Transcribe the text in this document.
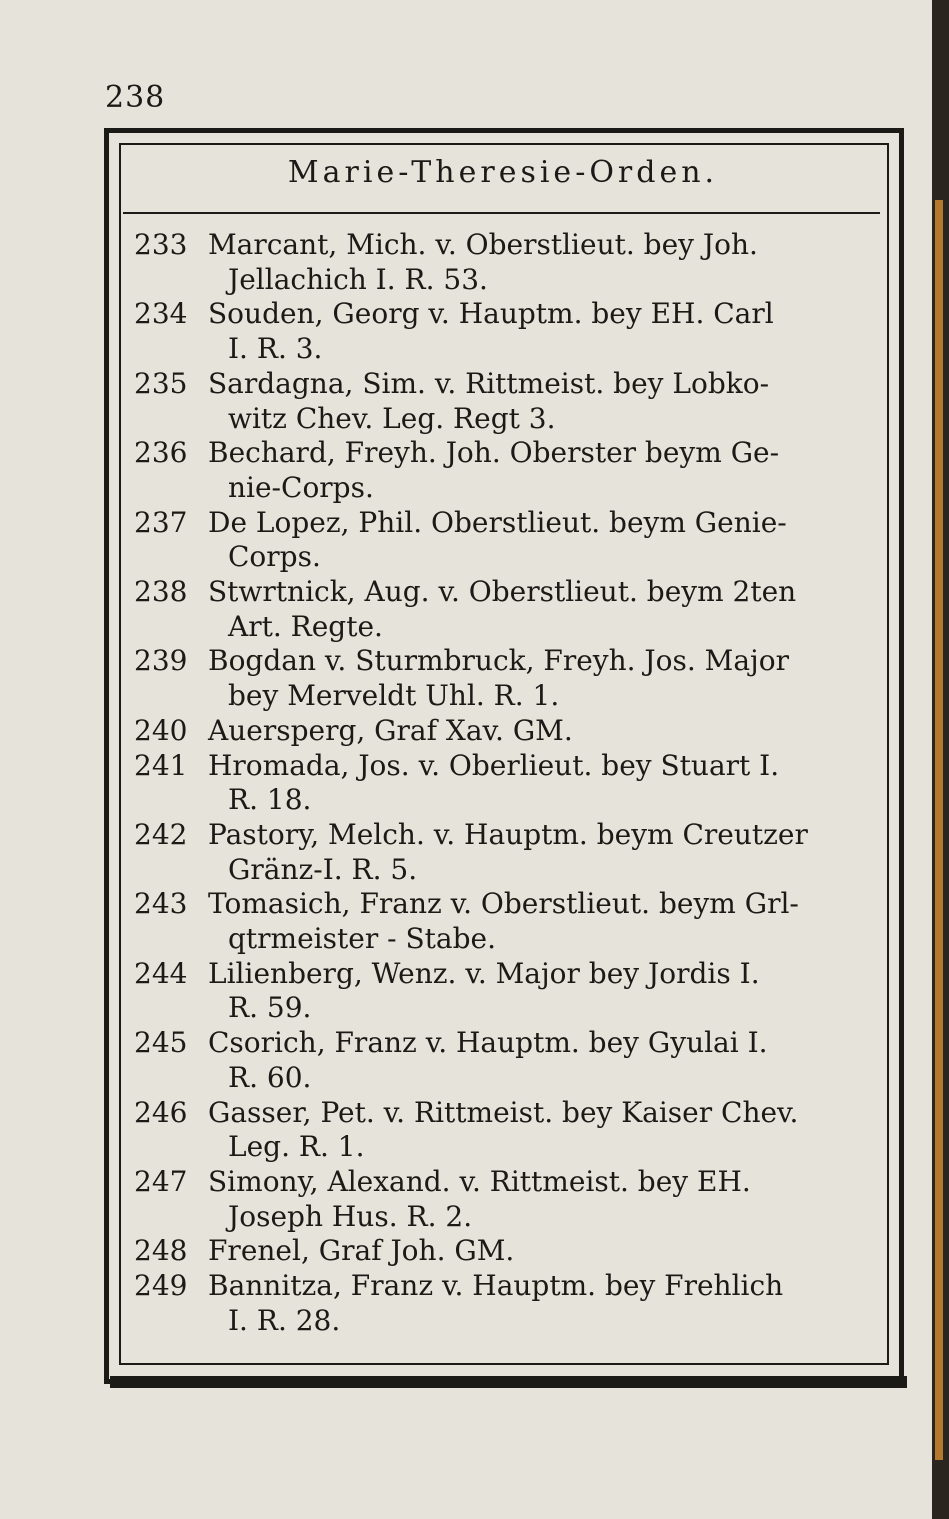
238
Marie-Theresie-Orden.
233 Marcant, Mich. v. Oberstlieut. bey Joh.
Jellachich I. R. 53.
234 Souden, Georg v. Hauptm. bey EH. Carl
I. R. 3.
235 Sardagna, Sim. v. Rittmeist. bey Lobko-
witz Chev. Leg. Regt 3.
236 Bechard, Freyh. Joh. Oberster beym Ge-
nie-Corps.
237 De Lopez, Phil. Oberstlieut. beym Genie-
Corps.
238 Stwrtnick, Aug. v. Oberstlieut. beym 2ten
Art. Regte.
239 Bogdan v. Sturmbruck, Freyh. Jos. Major
bey Merveldt Uhl. R. 1.
240 Auersperg, Graf Xav. GM.
241 Hromada, Jos. v. Oberlieut. bey Stuart I.
R. 18.
242 Pastory, Melch. v. Hauptm. beym Creutzer
Gränz-I. R. 5.
243 Tomasich, Franz v. Oberstlieut. beym Grl-
qtrmeister - Stabe.
244 Lilienberg, Wenz. v. Major bey Jordis I.
R. 59.
245 Csorich, Franz v. Hauptm. bey Gyulai I.
R. 60.
246 Gasser, Pet. v. Rittmeist. bey Kaiser Chev.
Leg. R. 1.
247 Simony, Alexand. v. Rittmeist. bey EH.
Joseph Hus. R. 2.
248 Frenel, Graf Joh. GM.
249 Bannitza, Franz v. Hauptm. bey Frehlich
I. R. 28.
